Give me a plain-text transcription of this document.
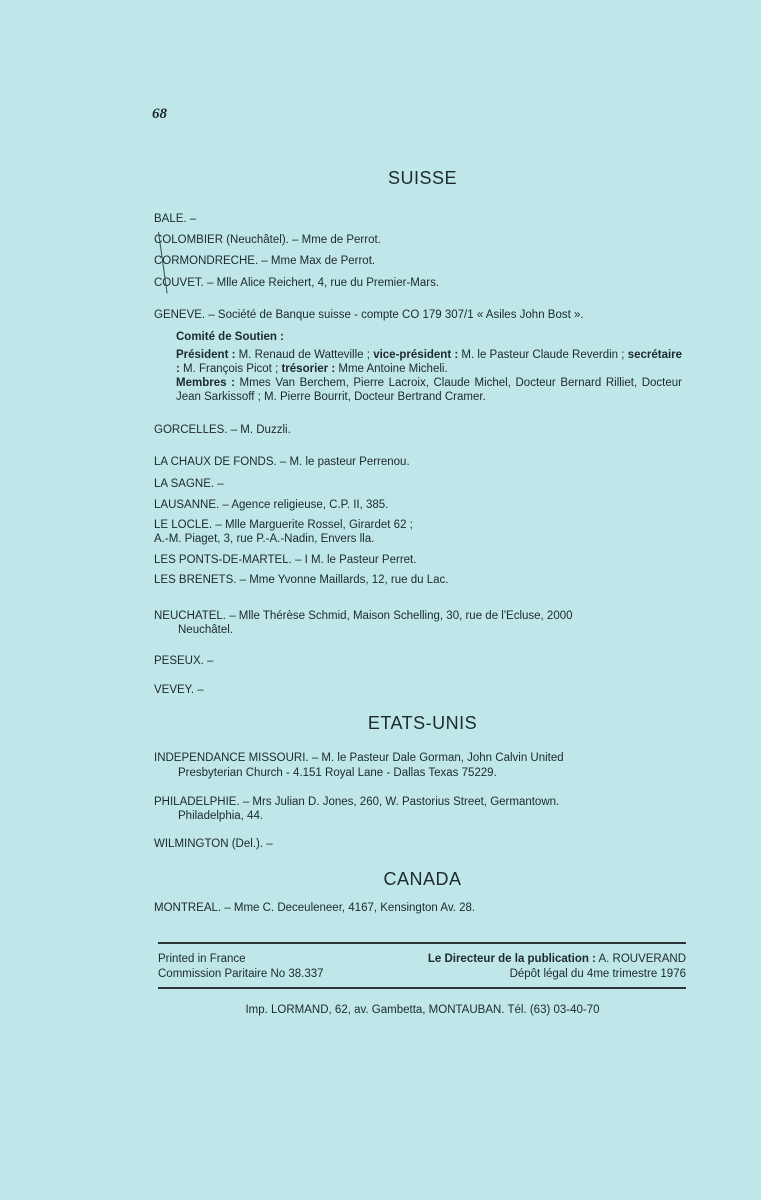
68
SUISSE
BALE. –
COLOMBIER (Neuchâtel). – Mme de Perrot.
CORMONDRECHE. – Mme Max de Perrot.
COUVET. – Mlle Alice Reichert, 4, rue du Premier-Mars.
GENEVE. – Société de Banque suisse - compte CO 179 307/1 « Asiles John Bost ».
Comité de Soutien :
Président : M. Renaud de Watteville ; vice-président : M. le Pasteur Claude Reverdin ; secrétaire : M. François Picot ; trésorier : Mme Antoine Micheli.
Membres : Mmes Van Berchem, Pierre Lacroix, Claude Michel, Docteur Bernard Rilliet, Docteur Jean Sarkissoff ; M. Pierre Bourrit, Docteur Bertrand Cramer.
GORCELLES. – M. Duzzli.
LA CHAUX DE FONDS. – M. le pasteur Perrenou.
LA SAGNE. –
LAUSANNE. – Agence religieuse, C.P. II, 385.
LE LOCLE. – Mlle Marguerite Rossel, Girardet 62 ;
A.-M. Piaget, 3, rue P.-A.-Nadin, Envers lla.
LES PONTS-DE-MARTEL. – I M. le Pasteur Perret.
LES BRENETS. – Mme Yvonne Maillards, 12, rue du Lac.
NEUCHATEL. – Mlle Thérèse Schmid, Maison Schelling, 30, rue de l'Ecluse, 2000
Neuchâtel.
PESEUX. –
VEVEY. –
ETATS-UNIS
INDEPENDANCE MISSOURI. – M. le Pasteur Dale Gorman, John Calvin United
Presbyterian Church - 4.151 Royal Lane - Dallas Texas 75229.
PHILADELPHIE. – Mrs Julian D. Jones, 260, W. Pastorius Street, Germantown.
Philadelphia, 44.
WILMINGTON (Del.). –
CANADA
MONTREAL. – Mme C. Deceuleneer, 4167, Kensington Av. 28.
Printed in France
Commission Paritaire No 38.337
Le Directeur de la publication : A. ROUVERAND
Dépôt légal du 4me trimestre 1976
Imp. LORMAND, 62, av. Gambetta, MONTAUBAN. Tél. (63) 03-40-70
